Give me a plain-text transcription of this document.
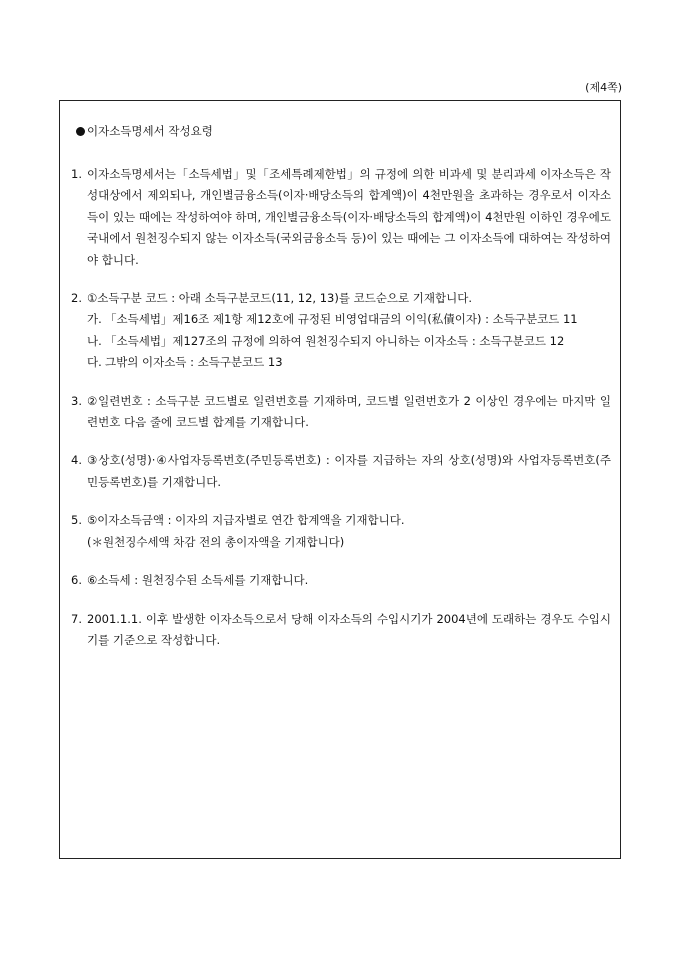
(제4쪽)
이자소득명세서 작성요령
1. 이자소득명세서는「소득세법」및「조세특례제한법」의 규정에 의한 비과세 및 분리과세 이자소득은 작성대상에서 제외되나, 개인별금융소득(이자·배당소득의 합계액)이 4천만원을 초과하는 경우로서 이자소득이 있는 때에는 작성하여야 하며, 개인별금융소득(이자·배당소득의 합계액)이 4천만원 이하인 경우에도 국내에서 원천징수되지 않는 이자소득(국외금융소득 등)이 있는 때에는 그 이자소득에 대하여는 작성하여야 합니다.
2. ①소득구분 코드 : 아래 소득구분코드(11, 12, 13)를 코드순으로 기재합니다.
가. 「소득세법」제16조 제1항 제12호에 규정된 비영업대금의 이익(私債이자) : 소득구분코드 11
나. 「소득세법」제127조의 규정에 의하여 원천징수되지 아니하는 이자소득 : 소득구분코드 12
다. 그밖의 이자소득 : 소득구분코드 13
3. ②일련번호 : 소득구분 코드별로 일련번호를 기재하며, 코드별 일련번호가 2 이상인 경우에는 마지막 일련번호 다음 줄에 코드별 합계를 기재합니다.
4. ③상호(성명)·④사업자등록번호(주민등록번호) : 이자를 지급하는 자의 상호(성명)와 사업자등록번호(주민등록번호)를 기재합니다.
5. ⑤이자소득금액 : 이자의 지급자별로 연간 합계액을 기재합니다.
(＊원천징수세액 차감 전의 총이자액을 기재합니다)
6. ⑥소득세 : 원천징수된 소득세를 기재합니다.
7. 2001.1.1. 이후 발생한 이자소득으로서 당해 이자소득의 수입시기가 2004년에 도래하는 경우도 수입시기를 기준으로 작성합니다.
